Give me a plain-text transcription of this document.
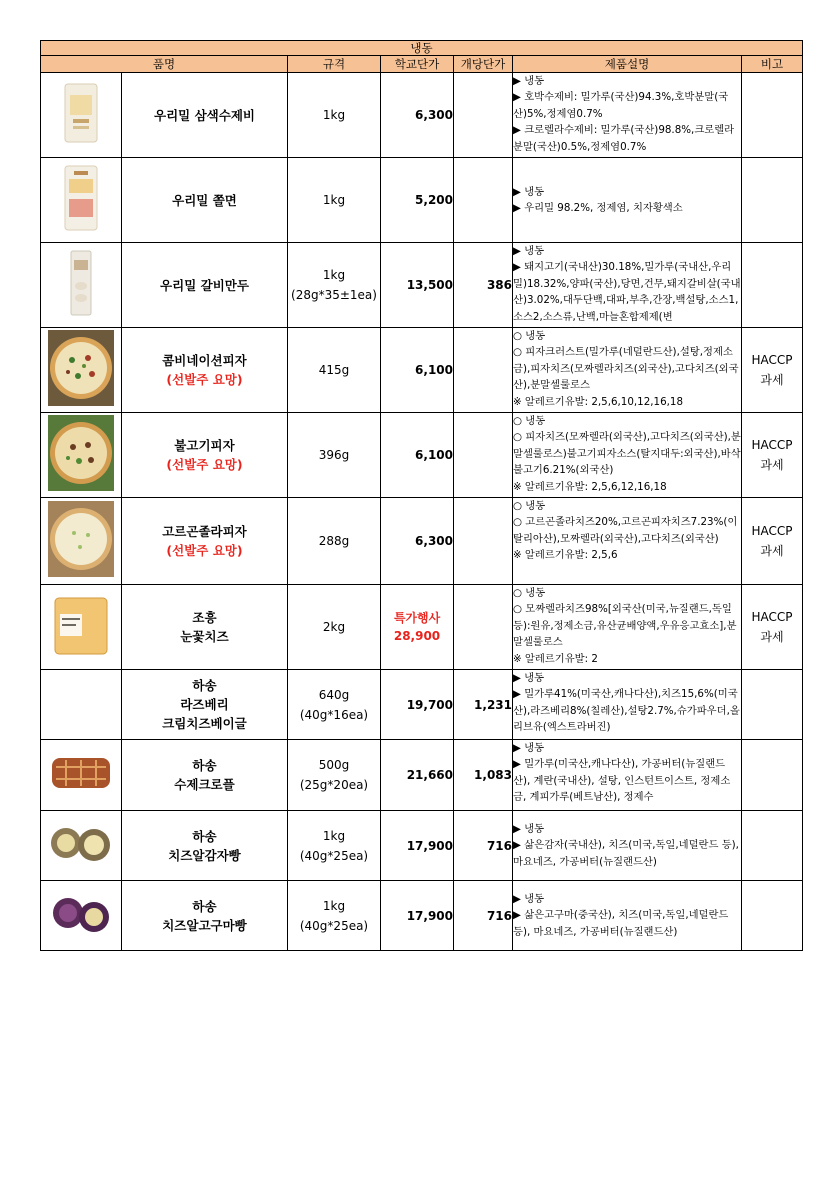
냉동						
품명		규격	학교단가	개당단가	제품설명	비고
	우리밀 삼색수제비	1kg	6,300		▶ 냉동
▶ 호박수제비: 밀가루(국산)94.3%,호박분말(국산)5%,정제염0.7%
▶ 크로렐라수제비: 밀가루(국산)98.8%,크로렐라분말(국산)0.5%,정제염0.7%	

	우리밀 쫄면	1kg	5,200		▶ 냉동
▶ 우리밀 98.2%, 정제염, 치자황색소	

	우리밀 갈비만두	1kg
(28g*35±1ea)	13,500	386	▶ 냉동
▶ 돼지고기(국내산)30.18%,밀가루(국내산,우리밀)18.32%,양파(국산),당면,건무,돼지갈비살(국내산)3.02%,대두단백,대파,부추,간장,백설탕,소스1,소스2,소스류,난백,마늘혼합제제(변	

콤비네이션피자
(선발주 요망)	415g	6,100		○ 냉동
○ 피자크러스트(밀가루(네덜란드산),설탕,정제소금),피자치즈(모짜렐라치즈(외국산),고다치즈(외국산),분말셀룰로스
※ 알레르기유발: 2,5,6,10,12,16,18	HACCP
과세

불고기피자
(선발주 요망)	396g	6,100		○ 냉동
○ 피자치즈(모짜렐라(외국산),고다치즈(외국산),분말셀룰로스)불고기피자소스(탈지대두:외국산),바삭불고기6.21%(외국산)
※ 알레르기유발: 2,5,6,12,16,18	HACCP
과세

고르곤졸라피자
(선발주 요망)	288g	6,300		○ 냉동
○ 고르곤졸라치즈20%,고르곤피자치즈7.23%(이탈리아산),모짜렐라(외국산),고다치즈(외국산)
※ 알레르기유발: 2,5,6	HACCP
과세

조흥
눈꽃치즈	2kg	특가행사
28,900		○ 냉동
○ 모짜렐라치즈98%[외국산(미국,뉴질랜드,독일 등):원유,정제소금,유산균배양액,우유응고효소],분말셀룰로스
※ 알레르기유발: 2	HACCP
과세

	하송
라즈베리
크림치즈베이글	640g
(40g*16ea)	19,700	1,231	▶ 냉동
▶ 밀가루41%(미국산,캐나다산),치즈15,6%(미국산),라즈베리8%(칠레산),설탕2.7%,슈가파우더,올리브유(엑스트라버진)	

하송
수제크로플	500g
(25g*20ea)	21,660	1,083	▶ 냉동
▶ 밀가루(미국산,캐나다산), 가공버터(뉴질랜드산), 계란(국내산), 설탕, 인스턴트이스트, 정제소금, 계피가루(베트남산), 정제수	

하송
치즈알감자빵	1kg
(40g*25ea)	17,900	716	▶ 냉동
▶ 삶은감자(국내산), 치즈(미국,독일,네덜란드 등), 마요네즈, 가공버터(뉴질랜드산)	

하송
치즈알고구마빵	1kg
(40g*25ea)	17,900	716	▶ 냉동
▶ 삶은고구마(중국산), 치즈(미국,독일,네덜란드 등), 마요네즈, 가공버터(뉴질랜드산)	
